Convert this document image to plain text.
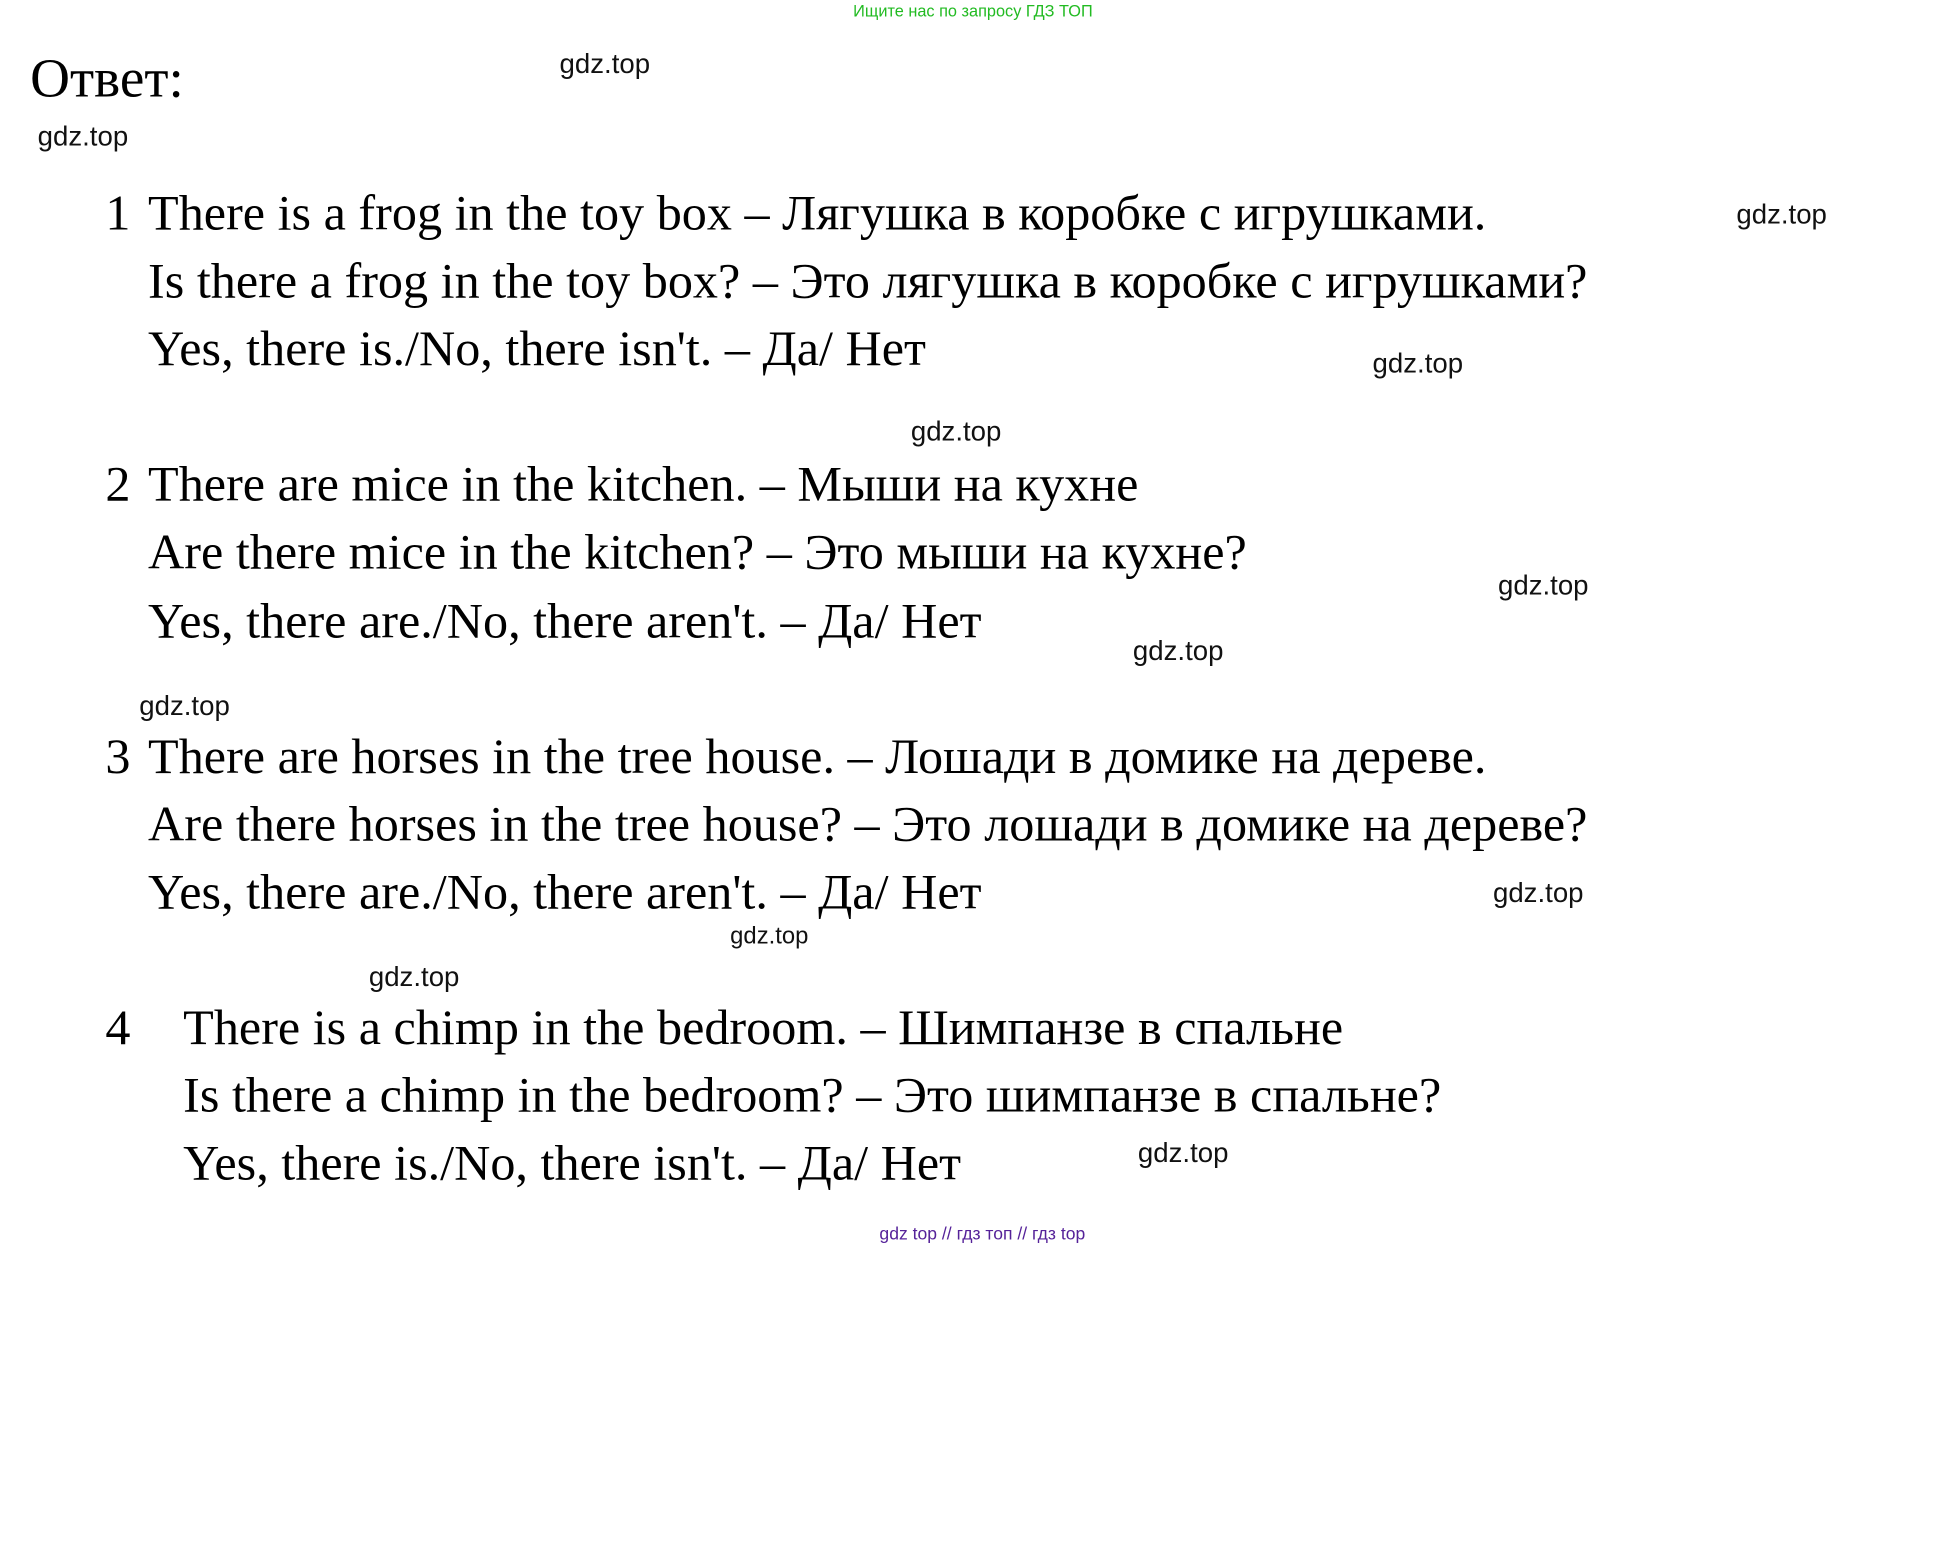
Ищите нас по запросу ГДЗ ТОП
Ответ:	gdz.top
gdz.top
gdz.top
gdz.top
gdz.top
gdz.top
gdz.top
gdz.top
gdz.top
gdz.top
gdz.top
gdz.top
1 There is a frog in the toy box – Лягушка в коробке с игрушками.
Is there a frog in the toy box? – Это лягушка в коробке с игрушками?
Yes, there is./No, there isn't. – Да/ Нет
2 There are mice in the kitchen. – Мыши на кухне
Are there mice in the kitchen? – Это мыши на кухне?
Yes, there are./No, there aren't. – Да/ Нет
3 There are horses in the tree house. – Лошади в домике на дереве.
Are there horses in the tree house? – Это лошади в домике на дереве?
Yes, there are./No, there aren't. – Да/ Нет
4 There is a chimp in the bedroom. – Шимпанзе в спальне
Is there a chimp in the bedroom? – Это шимпанзе в спальне?
Yes, there is./No, there isn't. – Да/ Нет
gdz top // гдз топ // гдз top
